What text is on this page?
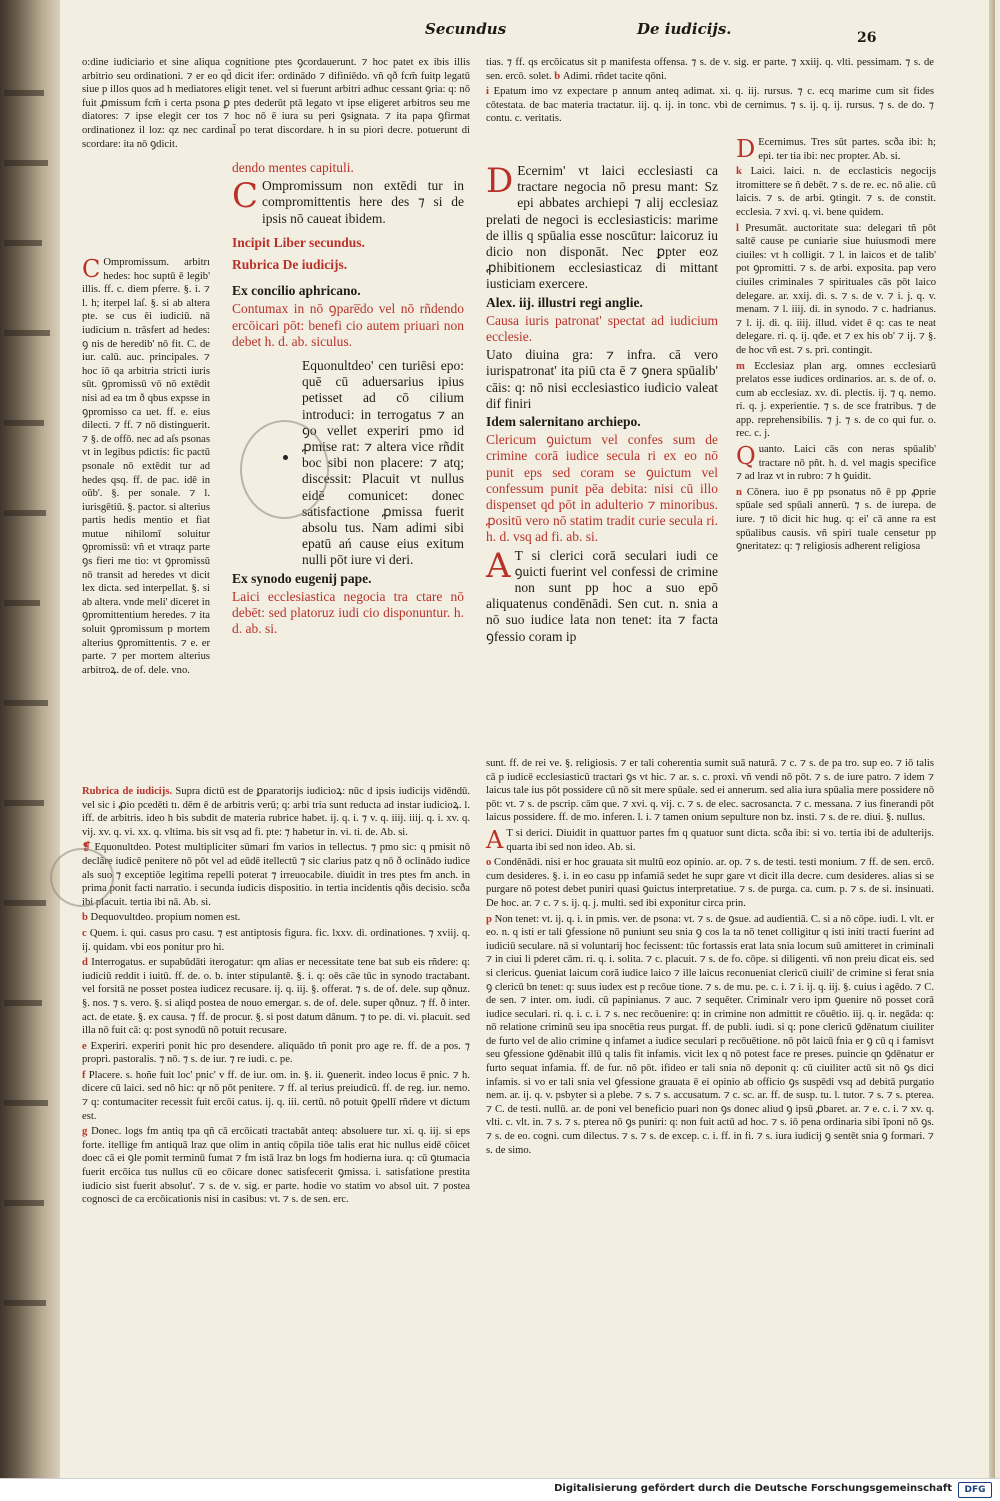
Secundus	De iudicijs.	26

o:dine iudiciario et sine aliqua cognitione ptes ꝯcordauerunt. ⁊ hoc patet ex ibis illis arbitrio seu ordinationi. ⁊ er eo qd̃ dicit ifer: ordinādo ⁊ difiniēdo. vñ qð fcm̃ fuitp legatū siue p illos quos ad h mediatores eligit tenet. vel si fuerunt arbitri adhuc cessant ꝯria: q: nō fuit ꝓmissum fcm̃ i certa psona ꝑ ptes dederūt ptā legato vt ipse eligeret arbitros seu me diatores: ⁊ ipse elegit cer tos ⁊ hoc nō ē iura su peri ꝯsignata. ⁊ ita papa ꝯfirmat ordinationez il loz: qz nec cardinal̄ po terat discordare. h in su piori decre. potuerunt di scordare: ita nō ꝯdicit.

C Ompromissum. arbitrı hedes: hoc suptū ē legib' illis. ff. c. diem pferre. §. i. ⁊ l. h; iterpel laſ. §. si ab altera pte. se cus ēi iudiciū. nā iudicium n. trāsfert ad hedes: ꝯ nis de heredib' nō fit. C. de iur. calū. auc. principales. ⁊ hoc iō qa arbitria stricti iuris sūt. ꝯpromissū vō nō extēdit nisi ad ea tm ð qbus expsse in ꝯpromisso ca uet. ff. e. eius dilecti. ⁊ ff. ⁊ nō distinguerit. ⁊ §. de offō. nec ad aſs psonas vt in legibus pdictis: fic pactū psonale nō extēdit tur ad hedes qsq. ff. de pac. idē in oūb'. §. per sonale. ⁊ l. iurisgētiū. §. pactor. si alterius partis hedis mentio et fiat mutue nihilomī soluitur ꝯpromissū: vñ et vtraqz parte ꝯs fieri me tio: vt ꝯpromissū nō transit ad heredes vt dicit lex dicta. sed interpellat. §. si ab altera. vnde meli' diceret in ꝯpromittentium heredes. ⁊ ita soluit ꝯpromissum p mortem alterius ꝯpromittentis. ⁊ e. er parte. ⁊ per mortem alterius arbitroꝝ. de of. dele. vno.

Rubrica de iudicijs. Supra dictū est de ꝑparatorijs iudicioꝝ: nūc d ipsis iudicijs vidēndū. vel sic i ꝓio pcedēti tı. dēm ē de arbitris verū; q: arbi tria sunt reducta ad instar iudicioꝝ. l. iff. de arbitris. ideo h bis subdit de materia rubrice habet. ij. q. i. ⁊ v. q. iiij. iiij. q. i. xv. q. vij. xv. q. vi. xx. q. vltima. bis sit vsq ad fi. pte: ⁊ habetur in. vi. ti. de. Ab. si.

❡ Equonultdeo. Potest multipliciter sūmari fm varios in tellectus. ⁊ pmo sic: q pmisit nō declāre iudicē penitere nō pōt vel ad eūdē itellectū ⁊ sic clarius patz q nō ð oclinādo iudice als suo ⁊ exceptiōe legitima repelli poterat ⁊ irreuocabile. diuidit in tres ptes fm anch. in prima ponit facti narratio. i secunda iudicis dispositio. in tertia incidentis qðis decisio. scða ibi placuit. tertia ibi nā. Ab. si.

b Dequovultdeo. propium nomen est.

c Quem. i. qui. casus pro casu. ⁊ est antiptosis figura. fic. lxxv. di. ordinationes. ⁊ xviij. q. ij. quidam. vbi eos ponitur pro hi.

d Interrogatus. er supabūdāti iterogatur: qm alias er necessitate tene bat sub eis rñdere: q: iudiciū reddit i iuitū. ff. de. o. b. inter stipulantē. §. i. q: oēs cāe tūc in synodo tractabant. vel forsitā ne posset postea iudicez recusare. ij. q. iij. §. offerat. ⁊ s. de of. dele. sup qðnuz. §. nos. ⁊ s. vero. §. si aliqd postea de nouo emergar. s. de of. dele. super qðnuz. ⁊ ff. ð inter. act. de etate. §. ex causa. ⁊ ff. de procur. §. si post datum dānum. ⁊ to pe. di. vi. placuit. sed illa nō fuit cā: q: post synodū nō potuit recusare.

e Experiri. experiri ponit hic pro desendere. aliquādo tñ ponit pro age re. ff. de a pos. ⁊ propri. pastoralis. ⁊ nō. ⁊ s. de iur. ⁊ re iudi. c. pe.

f Placere. s. hoñe fuit loc' pnic' v ff. de iur. om. in. §. ii. ꝯuenerit. indeo locus ē pnic. ⁊ h. dicere cū laici. sed nō hic: qr nō pōt penitere. ⁊ ff. al terius preiudicū. ff. de reg. iur. nemo. ⁊ q: contumaciter recessit fuit ercōi catus. ij. q. iii. certū. nō potuit ꝯpellī rñdere vt dictum est.

g Donec. logs fm antiq tpa qñ cā ercōicati tractabāt anteq: absoluere tur. xi. q. iij. si eps forte. itellige fm antiquā lraz que olim in antiq cōpila tiōe talis erat hic nullus eidē cōicet doec cā ei ꝯle pomit terminū fumat ⁊ fm istā lraz bn logs fm hodierna iura. q: cū ꝯtumacia fuerit ercōica tus nullus cū eo cōicare donec satisfecerit ꝯmissa. i. satisfatione prestita iudicio sist fuerit absolut'. ⁊ s. de v. sig. er parte. hodie vo statim vo absol uit. ⁊ postea cognosci de ca ercōicationis nisi in casibus: vt. ⁊ s. de sen. erc.

dendo mentes capituli.

C Ompromissum non extēdi tur in compromittentis here des ⁊ si de ipsis nō caueat ibidem.

Incipit Liber secundus.

Rubrica De iudicijs.

Ex concilio aphricano.

Contumax in nō ꝯpare̅do vel nō rñdendo ercōicari pōt: benefi cio autem priuari non debet h. d. ab. siculus.

Equonultdeo' cen turiēsi epo: quē cū aduersarius ipius petisset ad cō cilium introduci: in terrogatus ⁊ an ꝯo vellet experiri pmo id ꝓmise rat: ⁊ altera vice rñdit boc sibi non placere: ⁊ atq; discessit: Placuit vt nullus eidē comunicet: donec satisfactione ꝓmissa fuerit absolu tus. Nam adimi sibi epatū ań cause eius exitum nulli pōt iure vi deri.

Ex synodo eugenij pape.

Laici ecclesiastica negocia tra ctare nō debēt: sed platoruz iudi cio disponuntur. h. d. ab. si.

tias. ⁊ ff. qs ercōicatus sit p manifesta offensa. ⁊ s. de v. sig. er parte. ⁊ xxiij. q. vlti. pessimam. ⁊ s. de sen. ercō. solet. b Adimi. rñdet tacite qōni.

i Epatum imo vz expectare p annum anteq adimat. xi. q. iij. rursus. ⁊ c. ecq marime cum sit fides cōtestata. de bac materia tractatur. iij. q. ij. in tonc. vbi de cernimus. ⁊ s. ij. q. ij. rursus. ⁊ s. de do. ⁊ contu. c. veritatis.

D Ecernim' vt laici ecclesiasti ca tractare negocia nō presu mant: Sz epi abbates archiepi ⁊ alij ecclesiaz prelati de negoci is ecclesiasticis: marime de illis q spūalia esse noscūtur: laicoruz iu dicio non disponāt. Nec ꝑpter eoz ꝓhibitionem ecclesiasticaz di mittant iusticiam exercere.

Alex. iij. illustri regi anglie.

Causa iuris patronat' spectat ad iudicium ecclesie.

Uato diuina gra: ⁊ infra. cā vero iurispatronat' ita piū cta ē ⁊ ꝯnera spūalib' cāis: q: nō nisi ecclesiastico iudicio valeat dif finiri

Idem salernitano archiepo.

Clericum ꝯuictum vel confes sum de crimine corā iudice secula ri ex eo nō punit eps sed coram se ꝯuictum vel confessum punit pēa debita: nisi cū illo dispenset qd pōt in adulterio ⁊ minoribus. ꝓositū vero nō statim tradit curie secula ri. h. d. vsq ad fi. ab. si.

A T si clerici corā seculari iudi ce ꝯuicti fuerint vel confessi de crimine non sunt pp hoc a suo epō aliquatenus condēnādi. Sen cut. n. snia a nō suo iudice lata non tenet: ita ⁊ facta ꝯfessio coram ip

D Ecernimus. Tres sūt partes. scða ibi: h; epi. ter tia ibi: nec propter. Ab. si.

k Laici. laici. n. de ecclasticis negocijs itromittere se ñ debēt. ⁊ s. de re. ec. nō alie. cū laicis. ⁊ s. de arbi. ꝯtingit. ⁊ s. de constit. ecclesia. ⁊ xvi. q. vi. bene quidem.

l Presumāt. auctoritate sua: delegari tñ pōt saltē cause pe cuniarie siue huiusmodi mere ciuiles: vt h colligit. ⁊ l. in laicos et de talib' pot ꝯpromitti. ⁊ s. de arbi. exposita. pap vero ciuiles criminales ⁊ spirituales cās pōt laico delegare. ar. xxij. di. s. ⁊ s. de v. ⁊ i. j. q. v. menam. ⁊ l. iiij. di. in synodo. ⁊ c. hadrianus. ⁊ l. ij. di. q. iiij. illud. videt ē q: cas te neat delegare. ri. q. ij. qđe. et ⁊ ex his ob' ⁊ ij. ⁊ §. de hoc vñ est. ⁊ s. pri. contingit.

m Ecclesiaz plan arg. omnes ecclesiarū prelatos esse iudices ordinarios. ar. s. de of. o. cum ab ecclesiaz. xv. di. plectis. ij. ⁊ q. nemo. ri. q. j. experientie. ⁊ s. de sce fratribus. ⁊ de app. reprehensibilis. ⁊ j. ⁊ s. de co qui fur. o. rec. c. j.

Quanto. Laici cās con neras spūalib' tractare nō pñt. h. d. vel magis specifice ⁊ ad lraz vt in rubro: ⁊ h ꝯuidit.

n Cōnera. iuo ē pp psonatus nō ē pp ꝓprie spūale sed spūali annerū. ⁊ s. de iurepa. de iure. ⁊ tō dicit hic hug. q: ei' cā anne ra est spūalibus causis. vñ spiri tuale censetur pp ꝯneritatez: q: ⁊ religiosis adherent religiosa

sunt. ff. de rei ve. §. religiosis. ⁊ er tali coherentia sumit suā naturā. ⁊ c. ⁊ s. de pa tro. sup eo. ⁊ iō talis cā p iudicē ecclesiasticū tractari ꝯs vt hic. ⁊ ar. s. c. proxi. vñ vendi nō pōt. ⁊ s. de iure patro. ⁊ idem ⁊ laicus tale ius pōt possidere cū nō sit mere spūale. sed ei annerum. sed alia iura spūalia mere possidere nō pōt: vt. ⁊ s. de pscrip. cām que. ⁊ xvi. q. vij. c. ⁊ s. de elec. sacrosancta. ⁊ c. messana. ⁊ ius finerandi pōt laicus possidere. ff. de mo. inferen. l. i. ⁊ tamen onium sepulture non bz. insti. ⁊ s. de re. diui. §. nullus.

A T si derici. Diuidit in quattuor partes fm q quatuor sunt dicta. scða ibi: si vo. tertia ibi de adulterijs. quarta ibi sed non ideo. Ab. si.

o Condēnādi. nisi er hoc grauata sit multū eoz opinio. ar. op. ⁊ s. de testi. testi monium. ⁊ ff. de sen. ercō. cum desideres. §. i. in eo casu pp infamiā sedet he supr gare vt dicit illa decre. cum desideres. alias si se purgare nō potest debet puniri quasi ꝯuictus interpretatiue. ⁊ s. de purga. ca. cum. p. ⁊ s. de si. insinuati. De hoc. ar. ⁊ c. ⁊ s. ij. q. j. multi. sed ibi exponitur circa prin.

p Non tenet: vt. ij. q. i. in pmis. ver. de psona: vt. ⁊ s. de ꝯsue. ad audientiā. C. si a nō cōpe. iudi. l. vlt. er eo. n. q isti er tali ꝯfessione nō puniunt seu snia ꝯ cos la ta nō tenet colligitur q isti initi tracti fuerint ad iudiciū seculare. nā si voluntarij hoc fecissent: tūc fortassis erat lata snia locum suū amitteret in criminali ⁊ in ciui li pderet cām. ri. q. i. solita. ⁊ c. placuit. ⁊ s. de fo. cōpe. si diligenti. vñ non preiu dicat eis. sed si clericus. ꝯueniat laicum coră iudice laico ⁊ ille laicus reconueniat clericū ciuili' de crimine si ferat snia ꝯ clericū bn tenet: q: suus iudex est p recōue tione. ⁊ s. de mu. pe. c. i. ⁊ i. ij. q. iij. §. cuius i agēdo. ⁊ C. de sen. ⁊ inter. om. iudi. cū papinianus. ⁊ auc. ⁊ sequēter. Criminalr vero ipm ꝯuenire nō posset corā iudice seculari. ri. q. i. c. i. ⁊ s. nec recōuenire: q: in crimine non admittit re cōuētio. iij. q. ir. negāda: q: nō relatione criminū seu ipa snocētia reus purgat. ff. de publi. iudi. si q: pone clericū ꝯdēnatum ciuiliter de furto vel de alio crimine q infamet a iudice seculari p recōuētione. nō pōt laicū fnia er ꝯ cū q i famisvt seu ꝯfessione ꝯdēnabit illū q talis fit infamis. vicit lex q nō potest face re preses. puincie qn ꝯdēnatur er furto sequat infamia. ff. de fur. nō pōt. ifideo er tali snia nō deponit q: cū ciuiliter actū sit nō ꝯs dici infamis. si vo er tali snia vel ꝯfessione grauata ē ei opinio ab officio ꝯs suspēdi vsq ad debitā purgatio nem. ar. ij. q. v. psbyter si a plebe. ⁊ s. ⁊ s. accusatum. ⁊ c. sc. ar. ff. de susp. tu. l. tutor. ⁊ s. ⁊ s. pterea. ⁊ C. de testi. nullū. ar. de poni vel beneficio puari non ꝯs donec aliud ꝯ ipsū ꝓbaret. ar. ⁊ e. c. i. ⁊ xv. q. vlti. c. vlt. in. ⁊ s. ⁊ s. pterea nō ꝯs puniri: q: non fuit actū ad hoc. ⁊ s. iō pena ordinaria sibi īponi nō ꝯs. ⁊ s. de eo. cogni. cum dilectus. ⁊ s. ⁊ s. de excep. c. i. ff. in fi. ⁊ s. iura iudicij ꝯ sentēt snia ꝯ formari. ⁊ s. de simo.

Digitalisierung gefördert durch die Deutsche Forschungsgemeinschaft	DFG
